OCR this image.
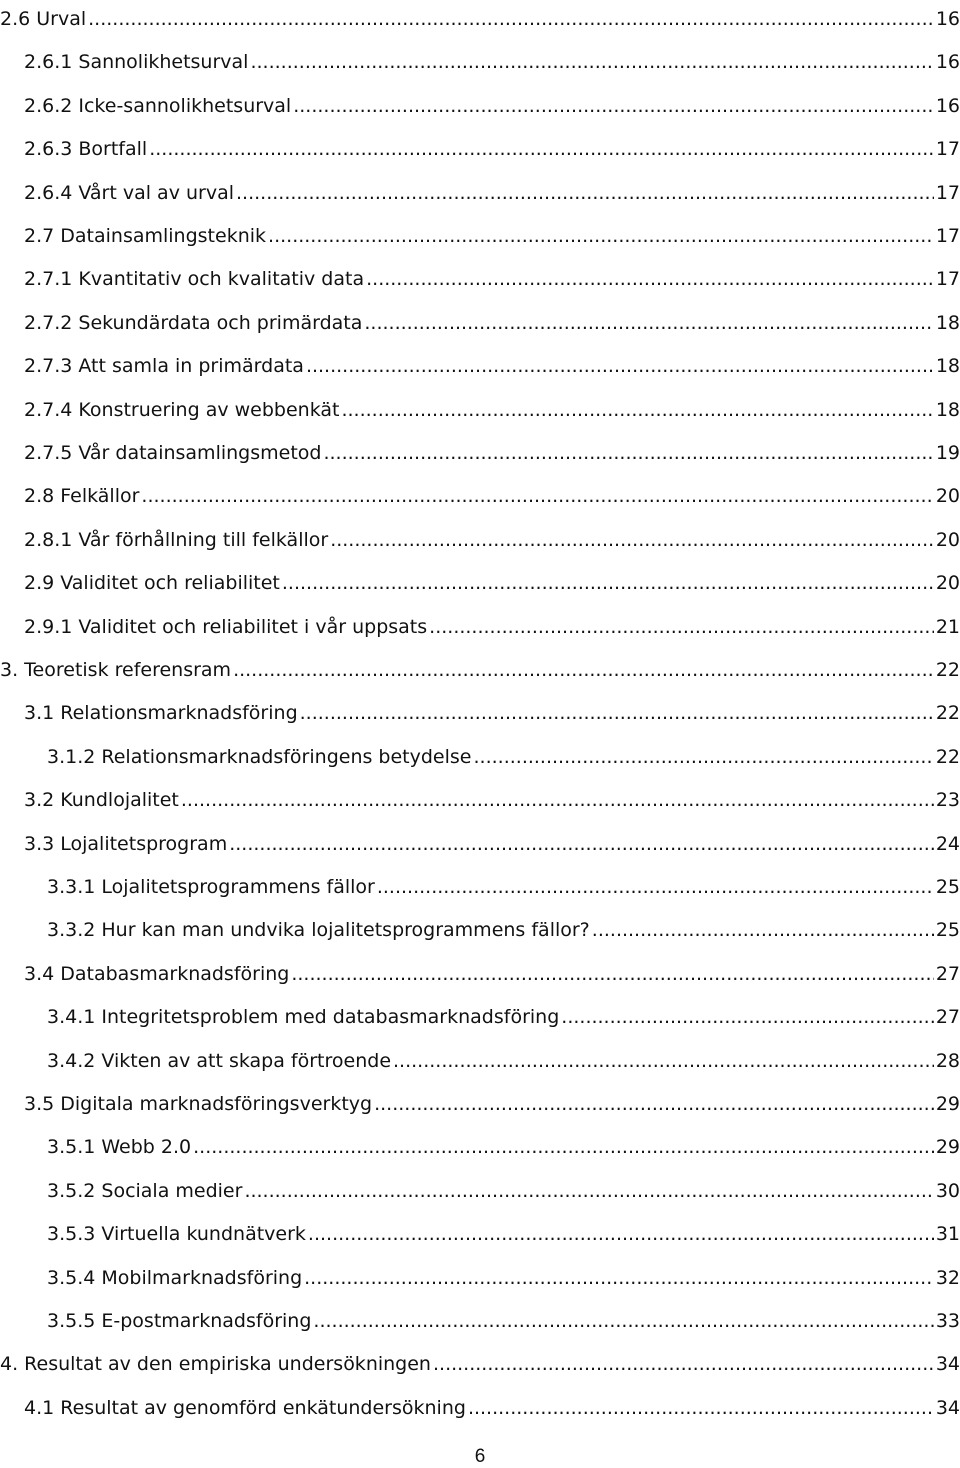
2.6 Urval .....	16
2.6.1 Sannolikhetsurval .....	16
2.6.2 Icke-sannolikhetsurval .....	16
2.6.3 Bortfall .....	17
2.6.4 Vårt val av urval .....	17
2.7 Datainsamlingsteknik .....	17
2.7.1 Kvantitativ och kvalitativ data .....	17
2.7.2 Sekundärdata och primärdata .....	18
2.7.3 Att samla in primärdata .....	18
2.7.4 Konstruering av webbenkät .....	18
2.7.5 Vår datainsamlingsmetod .....	19
2.8 Felkällor .....	20
2.8.1 Vår förhållning till felkällor .....	20
2.9 Validitet och reliabilitet .....	20
2.9.1 Validitet och reliabilitet i vår uppsats .....	21
3. Teoretisk referensram .....	22
3.1 Relationsmarknadsföring .....	22
3.1.2 Relationsmarknadsföringens betydelse .....	22
3.2 Kundlojalitet .....	23
3.3 Lojalitetsprogram .....	24
3.3.1 Lojalitetsprogrammens fällor .....	25
3.3.2 Hur kan man undvika lojalitetsprogrammens fällor? .....	25
3.4 Databasmarknadsföring .....	27
3.4.1 Integritetsproblem med databasmarknadsföring .....	27
3.4.2 Vikten av att skapa förtroende .....	28
3.5 Digitala marknadsföringsverktyg .....	29
3.5.1 Webb 2.0 .....	29
3.5.2 Sociala medier .....	30
3.5.3 Virtuella kundnätverk .....	31
3.5.4 Mobilmarknadsföring .....	32
3.5.5 E-postmarknadsföring .....	33
4. Resultat av den empiriska undersökningen .....	34
4.1 Resultat av genomförd enkätundersökning .....	34
6
